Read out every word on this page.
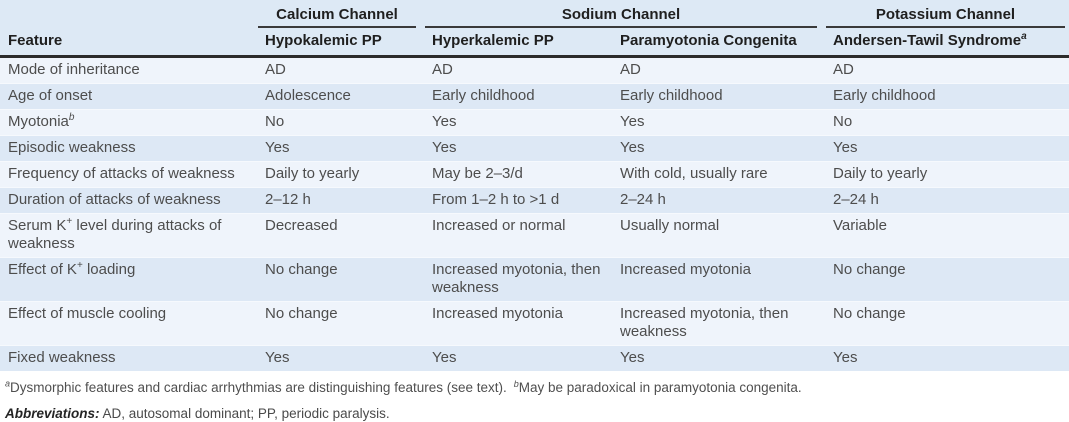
	Calcium Channel	Sodium Channel		Potassium Channel

Feature	Hypokalemic PP	Hyperkalemic PP	Paramyotonia Congenita	Andersen-Tawil Syndrome$^a$
Mode of inheritance	AD	AD	AD	AD
Age of onset	Adolescence	Early childhood	Early childhood	Early childhood
Myotonia$^b$	No	Yes	Yes	No
Episodic weakness	Yes	Yes	Yes	Yes
Frequency of attacks of weakness	Daily to yearly	May be 2–3/d	With cold, usually rare	Daily to yearly
Duration of attacks of weakness	2–12 h	From 1–2 h to >1 d	2–24 h	2–24 h
Serum K+ level during attacks of weakness	Decreased	Increased or normal	Usually normal	Variable
Effect of K+ loading	No change	Increased myotonia, then weakness	Increased myotonia	No change
Effect of muscle cooling	No change	Increased myotonia	Increased myotonia, then weakness	No change
Fixed weakness	Yes	Yes	Yes	Yes
$^a$Dysmorphic features and cardiac arrhythmias are distinguishing features (see text). $^b$May be paradoxical in paramyotonia congenita.
Abbreviations: AD, autosomal dominant; PP, periodic paralysis.
